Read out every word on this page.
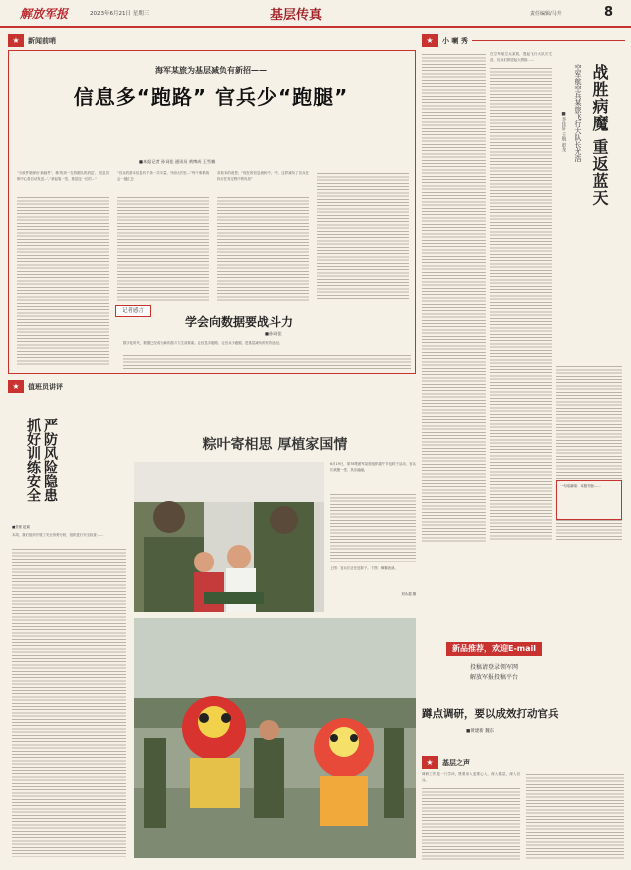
解放军报	2023年6月21日 星期三	基层传真	责任编辑/马升	8
★	新闻前哨
海军某旅为基层减负有新招——
信息多“跑路” 官兵少“跑腿”
■本报记者 孙词佳 通讯员 黄博成 王雪楠
“当收件箱弹出‘新邮件’，像‘收到一支持团队的消息’，信息员都中心将自动发送...',“拿起笔一签，基层连一位的...”
“官兵的基本信息有千条一共半量，外面大约在...”每个事系统会一键汇总
求取本的意思；“现在的信息流转中，中，这样减负了官兵在执行任务过程中的负担”
记者感言
学会向数据要战斗力
■孙词佳
数字化时代，数据已经成为新的战斗力生成要素。让信息多跑路、让官兵少跑腿，是基层减负的有效途径。
★	小 喇 秀
在空军航空兵某旅，提起飞行大队长尤浩，官兵们都竖起大拇指……
战胜病魔 重返蓝天
空军航空兵某旅飞行大队长尤浩
■李佳轩 王航 赵龙
一句话新闻：本版刊登……
★	值班员讲评
严防风险隐患 抓好训练安全
■张豪 赵斌
本周，我们组织开展了安全形势分析，组织进行安全检查……
粽叶寄相思 厚植家国情
6月19日，第78集团军某旅组织端午节包粽子活动，官兵们欢聚一堂，其乐融融。
上图：官兵们正在包粽子。下图：舞狮表演。
刘永超 摄
新品推荐，欢迎E-mail
投稿请登录领军网
解放军报投稿平台
蹲点调研，要以成效打动官兵
■黄建新 魏东
★	基层之声
调研工作是一门学问，既要身入更要心入，深入基层、深入官兵。
